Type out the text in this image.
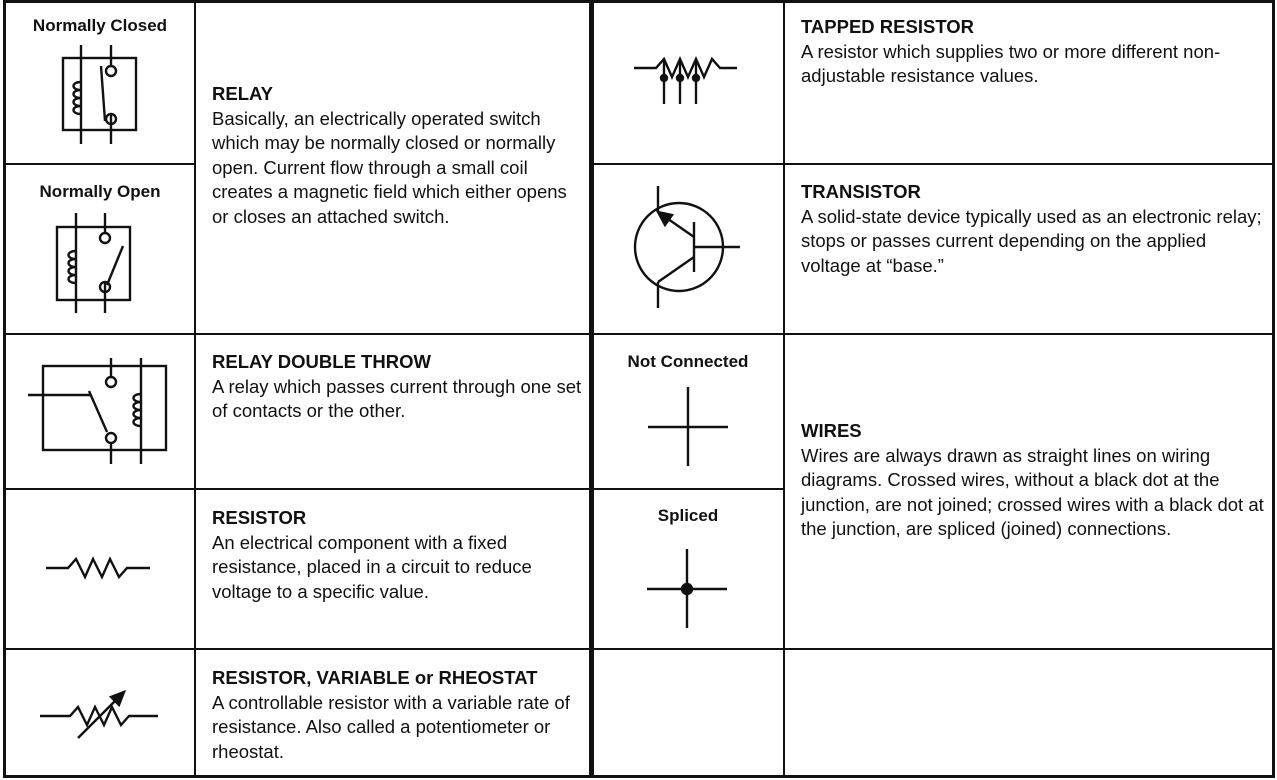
Normally Closed
Normally Open
RELAY
Basically, an electrically operated switch which may be normally closed or normally open. Current flow through a small coil creates a magnetic field which either opens or closes an attached switch.
RELAY DOUBLE THROW
A relay which passes current through one set of contacts or the other.
RESISTOR
An electrical component with a fixed resistance, placed in a circuit to reduce voltage to a specific value.
RESISTOR, VARIABLE or RHEOSTAT
A controllable resistor with a variable rate of resistance. Also called a potentiometer or rheostat.
TAPPED RESISTOR
A resistor which supplies two or more different non-adjustable resistance values.
TRANSISTOR
A solid-state device typically used as an electronic relay; stops or passes current depending on the applied voltage at “base.”
Not Connected
Spliced
WIRES
Wires are always drawn as straight lines on wiring diagrams. Crossed wires, without a black dot at the junction, are not joined; crossed wires with a black dot at the junction, are spliced (joined) connections.
